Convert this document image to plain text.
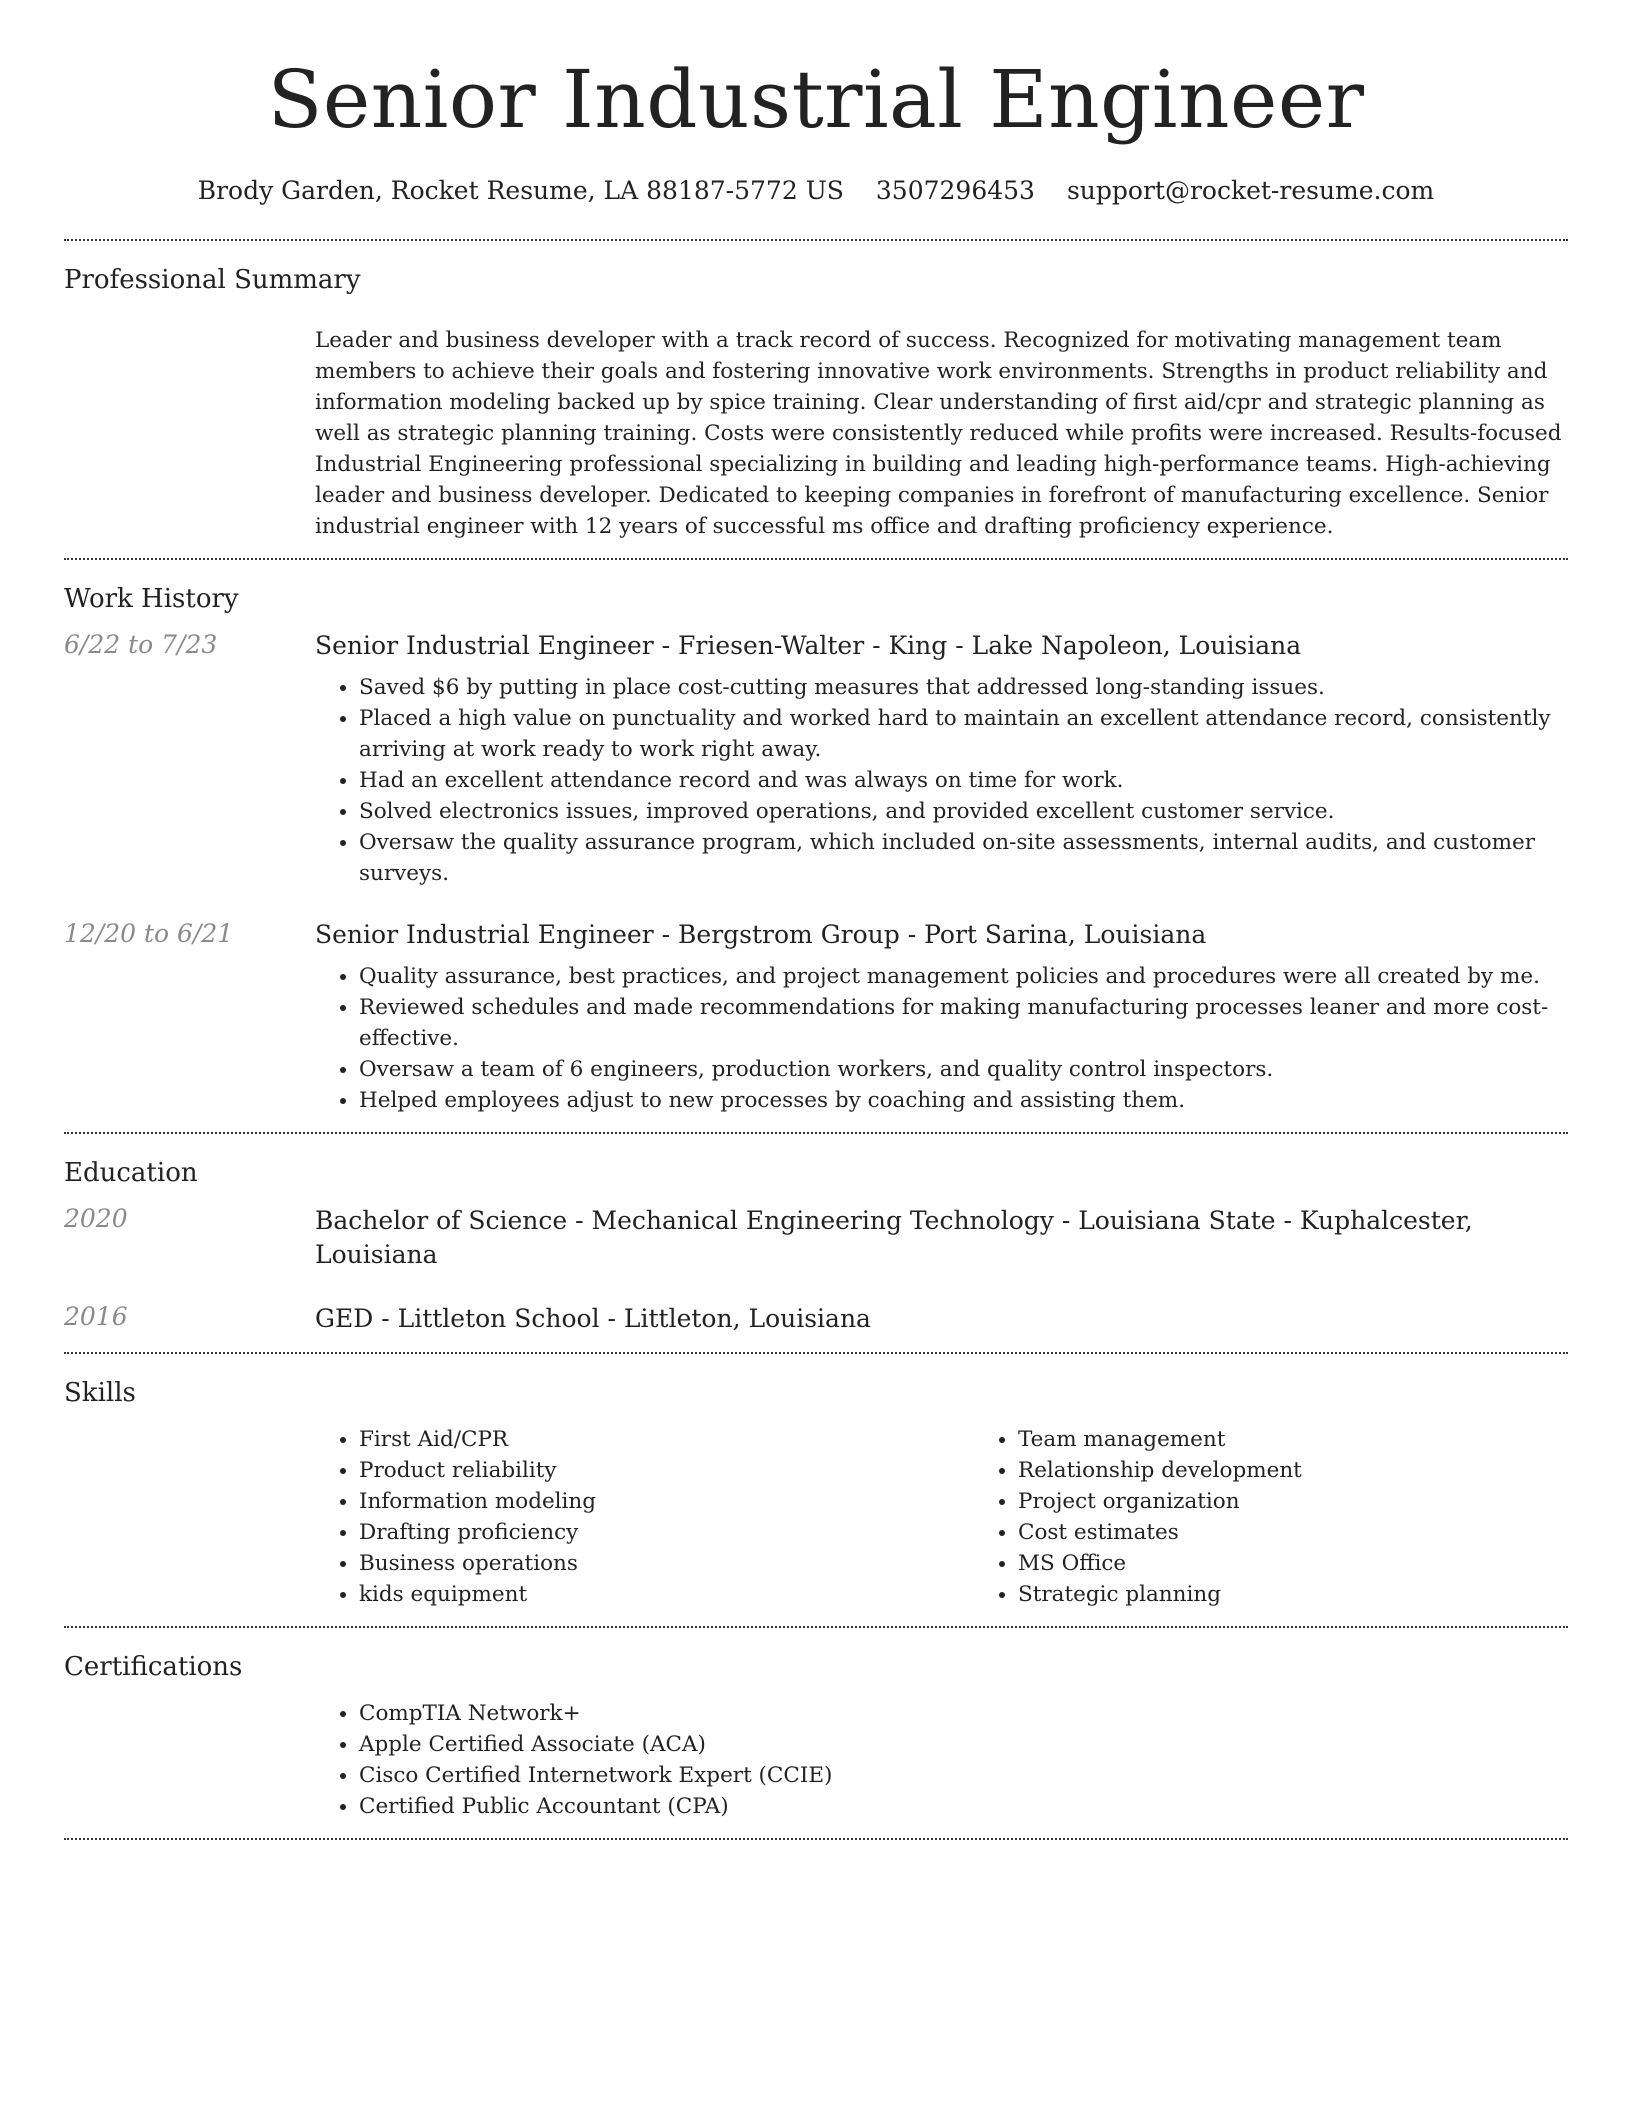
Senior Industrial Engineer
Brody Garden, Rocket Resume, LA 88187-5772 US 3507296453 support@rocket-resume.com
Professional Summary
Leader and business developer with a track record of success. Recognized for motivating management team members to achieve their goals and fostering innovative work environments. Strengths in product reliability and information modeling backed up by spice training. Clear understanding of first aid/cpr and strategic planning as well as strategic planning training. Costs were consistently reduced while profits were increased. Results-focused Industrial Engineering professional specializing in building and leading high-performance teams. High-achieving leader and business developer. Dedicated to keeping companies in forefront of manufacturing excellence. Senior industrial engineer with 12 years of successful ms office and drafting proficiency experience.
Work History
6/22 to 7/23	Senior Industrial Engineer - Friesen-Walter - King - Lake Napoleon, Louisiana
• Saved $6 by putting in place cost-cutting measures that addressed long-standing issues.
• Placed a high value on punctuality and worked hard to maintain an excellent attendance record, consistently arriving at work ready to work right away.
• Had an excellent attendance record and was always on time for work.
• Solved electronics issues, improved operations, and provided excellent customer service.
• Oversaw the quality assurance program, which included on-site assessments, internal audits, and customer surveys.
12/20 to 6/21	Senior Industrial Engineer - Bergstrom Group - Port Sarina, Louisiana
• Quality assurance, best practices, and project management policies and procedures were all created by me.
• Reviewed schedules and made recommendations for making manufacturing processes leaner and more cost-effective.
• Oversaw a team of 6 engineers, production workers, and quality control inspectors.
• Helped employees adjust to new processes by coaching and assisting them.
Education
2020	Bachelor of Science - Mechanical Engineering Technology - Louisiana State - Kuphalcester, Louisiana
2016	GED - Littleton School - Littleton, Louisiana
Skills
• First Aid/CPR
• Product reliability
• Information modeling
• Drafting proficiency
• Business operations
• kids equipment
• Team management
• Relationship development
• Project organization
• Cost estimates
• MS Office
• Strategic planning
Certifications
• CompTIA Network+
• Apple Certified Associate (ACA)
• Cisco Certified Internetwork Expert (CCIE)
• Certified Public Accountant (CPA)
